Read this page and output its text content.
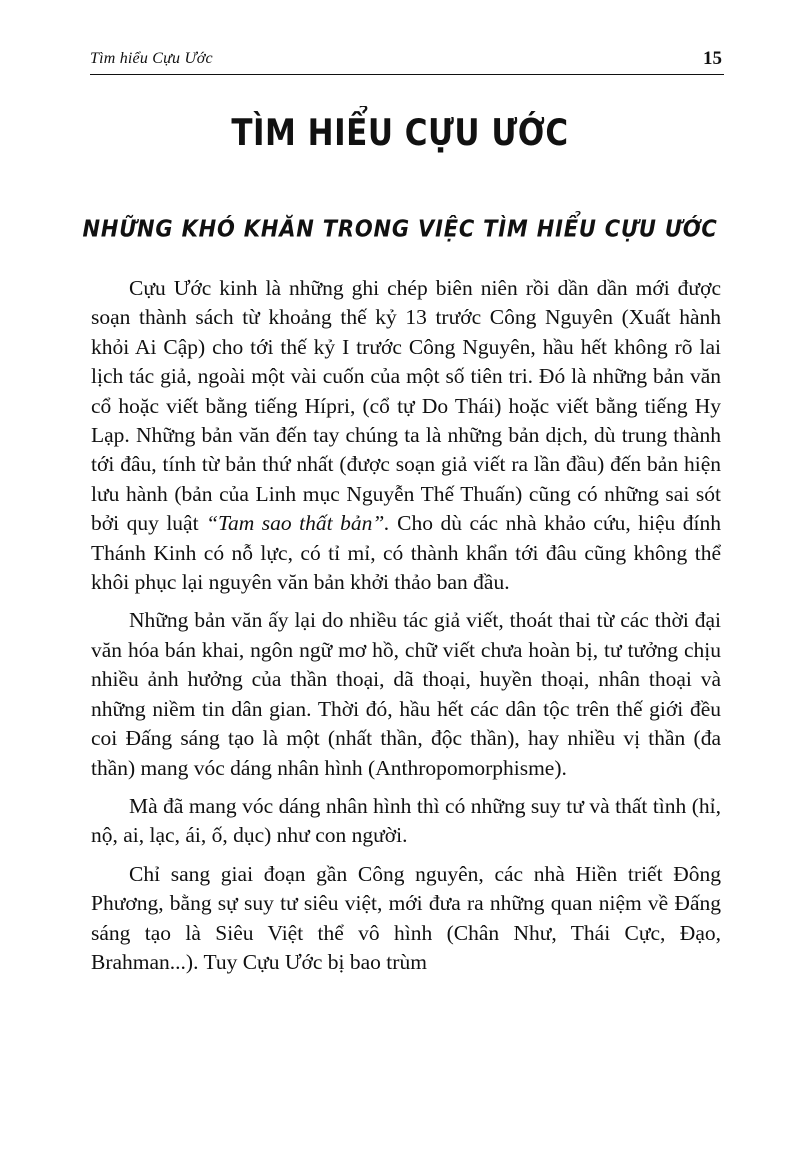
Tìm hiểu Cựu Ước	15
TÌM HIỂU CỰU ƯỚC
NHỮNG KHÓ KHĂN TRONG VIỆC TÌM HIỂU CỰU ƯỚC

Cựu Ước kinh là những ghi chép biên niên rồi dần dần mới được soạn thành sách từ khoảng thế kỷ 13 trước Công Nguyên (Xuất hành khỏi Ai Cập) cho tới thế kỷ I trước Công Nguyên, hầu hết không rõ lai lịch tác giả, ngoài một vài cuốn của một số tiên tri. Đó là những bản văn cổ hoặc viết bằng tiếng Hípri, (cổ tự Do Thái) hoặc viết bằng tiếng Hy Lạp. Những bản văn đến tay chúng ta là những bản dịch, dù trung thành tới đâu, tính từ bản thứ nhất (được soạn giả viết ra lần đầu) đến bản hiện lưu hành (bản của Linh mục Nguyễn Thế Thuấn) cũng có những sai sót bởi quy luật “Tam sao thất bản”. Cho dù các nhà khảo cứu, hiệu đính Thánh Kinh có nỗ lực, có tỉ mỉ, có thành khẩn tới đâu cũng không thể khôi phục lại nguyên văn bản khởi thảo ban đầu.

Những bản văn ấy lại do nhiều tác giả viết, thoát thai từ các thời đại văn hóa bán khai, ngôn ngữ mơ hồ, chữ viết chưa hoàn bị, tư tưởng chịu nhiều ảnh hưởng của thần thoại, dã thoại, huyền thoại, nhân thoại và những niềm tin dân gian. Thời đó, hầu hết các dân tộc trên thế giới đều coi Đấng sáng tạo là một (nhất thần, độc thần), hay nhiều vị thần (đa thần) mang vóc dáng nhân hình (Anthropomorphisme).

Mà đã mang vóc dáng nhân hình thì có những suy tư và thất tình (hỉ, nộ, ai, lạc, ái, ố, dục) như con người.

Chỉ sang giai đoạn gần Công nguyên, các nhà Hiền triết Đông Phương, bằng sự suy tư siêu việt, mới đưa ra những quan niệm về Đấng sáng tạo là Siêu Việt thể vô hình (Chân Như, Thái Cực, Đạo, Brahman...). Tuy Cựu Ước bị bao trùm
